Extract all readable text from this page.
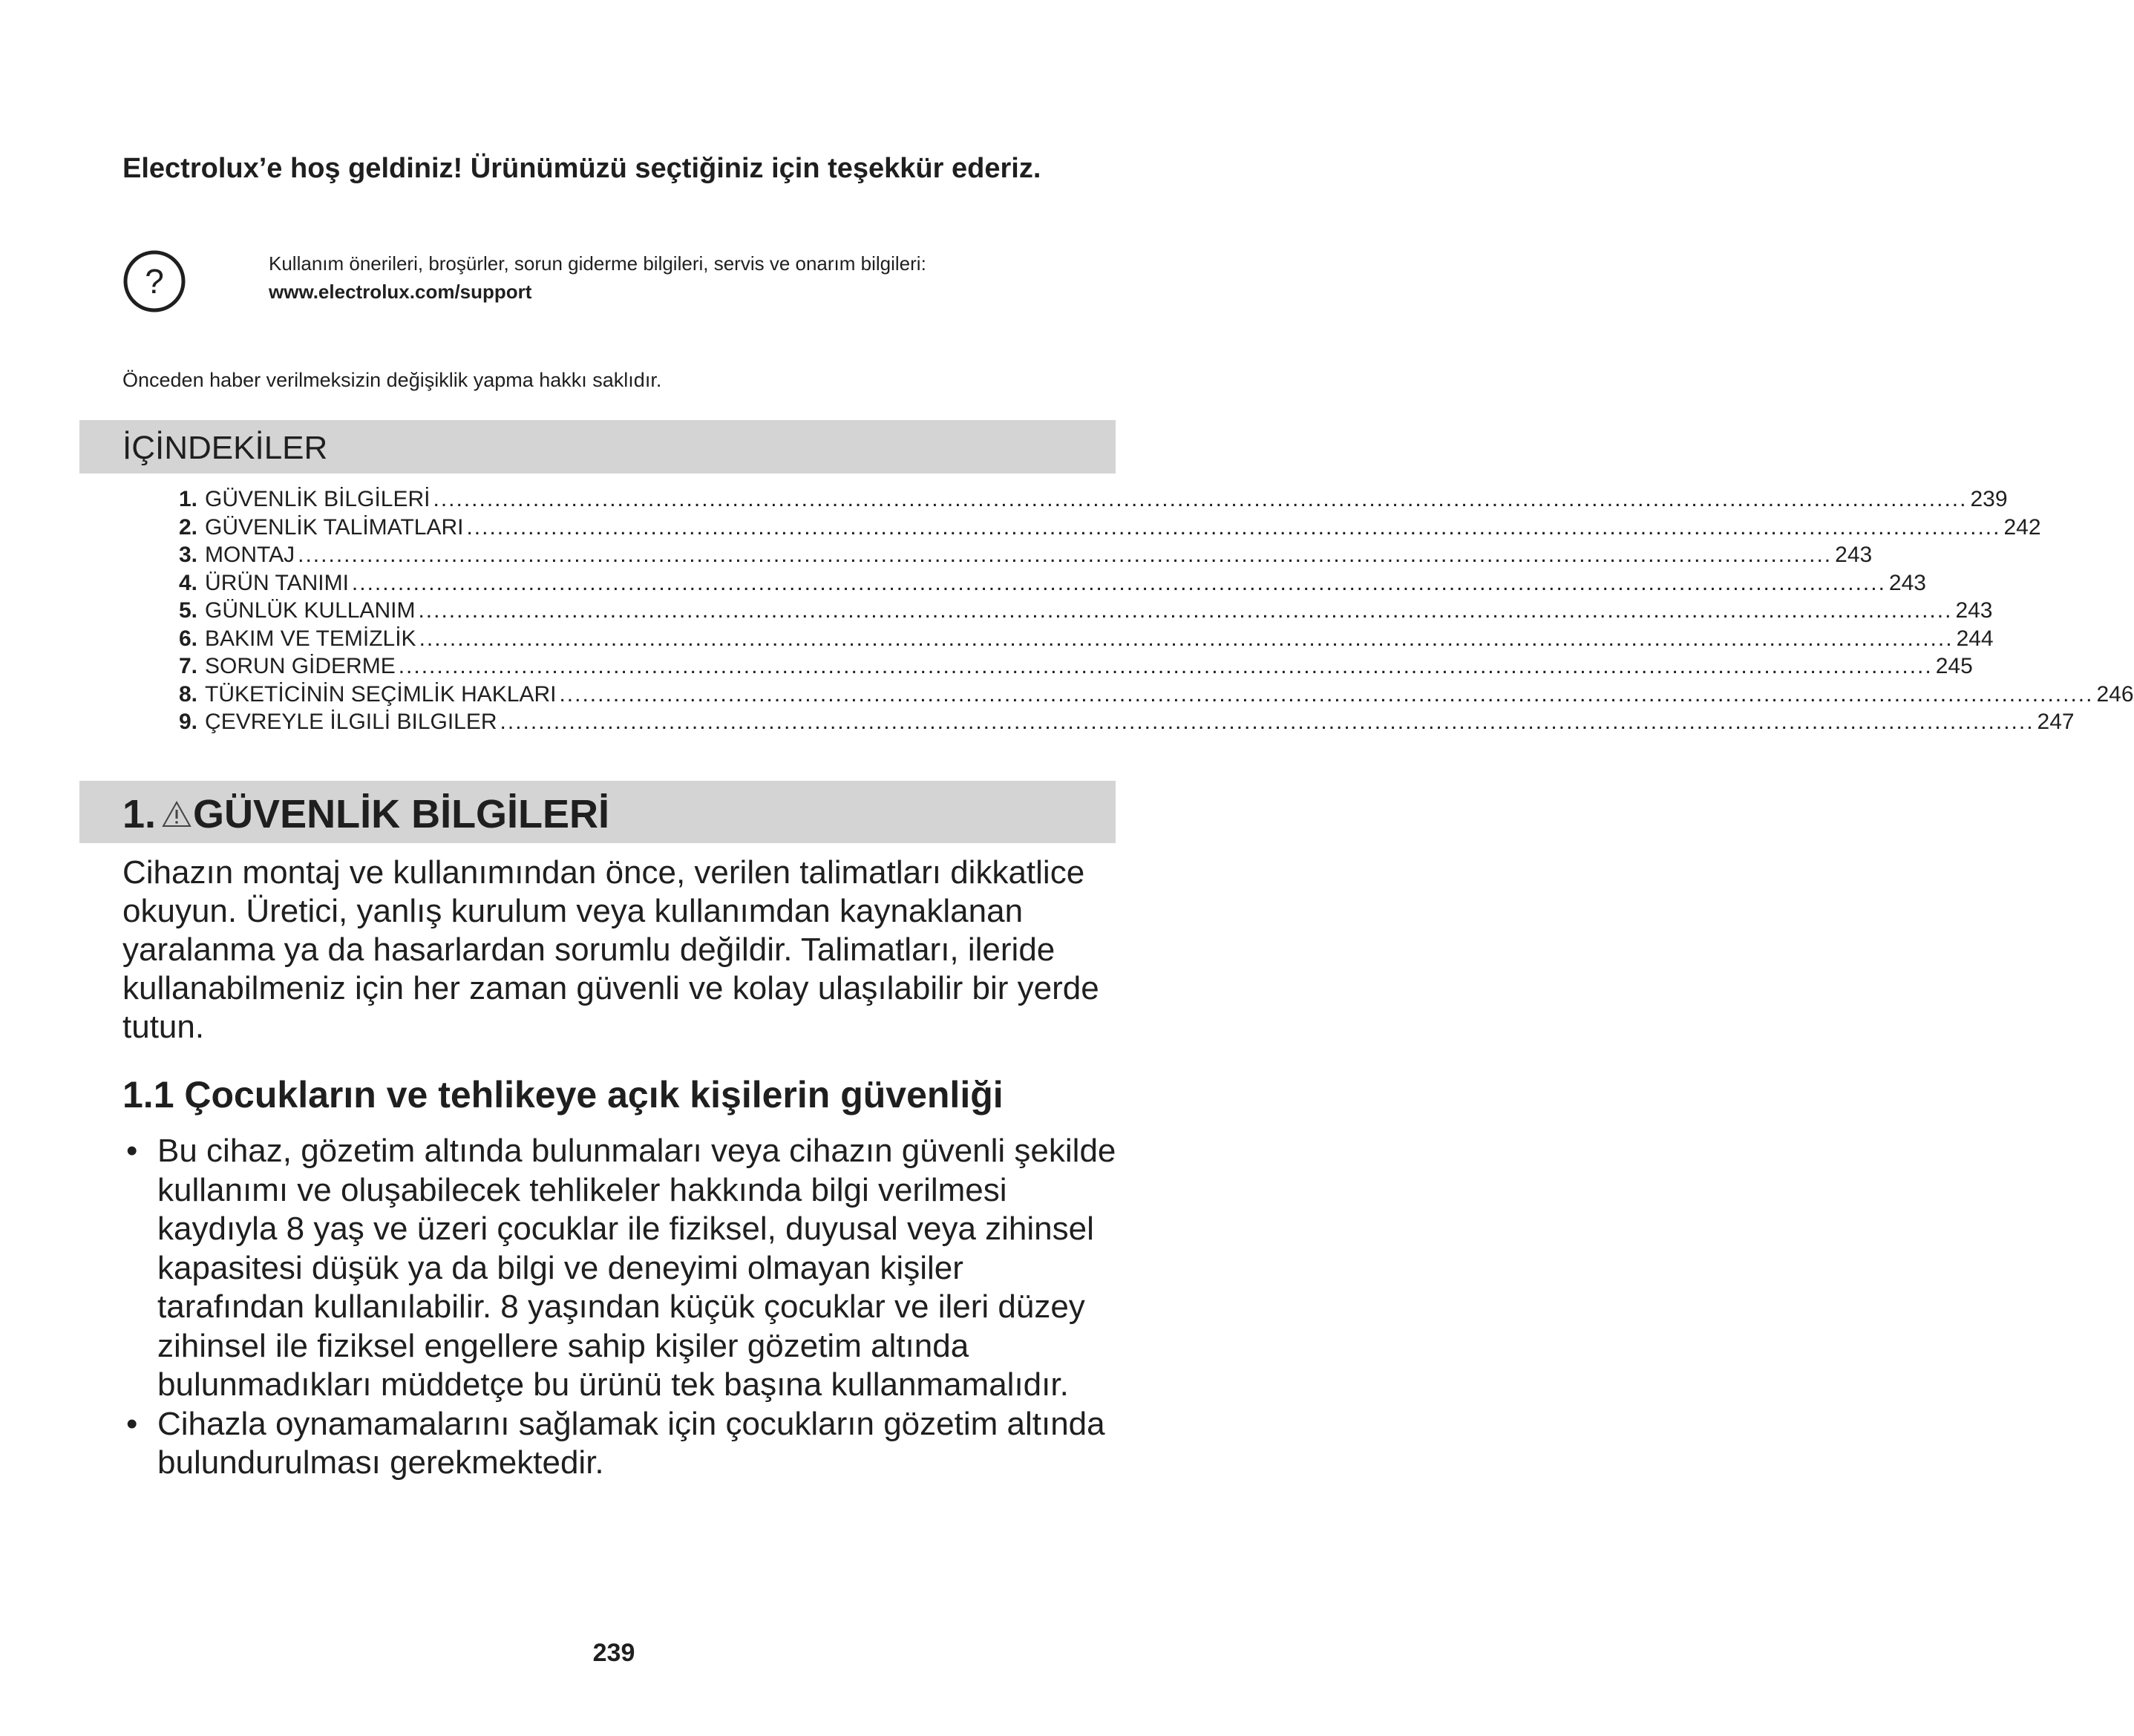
Electrolux’e hoş geldiniz! Ürünümüzü seçtiğiniz için teşekkür ederiz.
?	Kullanım önerileri, broşürler, sorun giderme bilgileri, servis ve onarım bilgileri:
www.electrolux.com/support
Önceden haber verilmeksizin değişiklik yapma hakkı saklıdır.
İÇİNDEKİLER
1. GÜVENLİK BİLGİLERİ ........................................................................................................................................................................................................ 239
2. GÜVENLİK TALİMATLARI ........................................................................................................................................................................................................ 242
3. MONTAJ ........................................................................................................................................................................................................ 243
4. ÜRÜN TANIMI ........................................................................................................................................................................................................ 243
5. GÜNLÜK KULLANIM ........................................................................................................................................................................................................ 243
6. BAKIM VE TEMİZLİK ........................................................................................................................................................................................................ 244
7. SORUN GİDERME ........................................................................................................................................................................................................ 245
8. TÜKETİCİNİN SEÇİMLİK HAKLARI ........................................................................................................................................................................................................ 246
9. ÇEVREYLE İLGILİ BILGILER ........................................................................................................................................................................................................ 247
1. GÜVENLİK BİLGİLERİ

Cihazın montaj ve kullanımından önce, verilen talimatları dikkatlice okuyun. Üretici, yanlış kurulum veya kullanımdan kaynaklanan yaralanma ya da hasarlardan sorumlu değildir. Talimatları, ileride kullanabilmeniz için her zaman güvenli ve kolay ulaşılabilir bir yerde tutun.

1.1 Çocukların ve tehlikeye açık kişilerin güvenliği
• Bu cihaz, gözetim altında bulunmaları veya cihazın güvenli şekilde kullanımı ve oluşabilecek tehlikeler hakkında bilgi verilmesi kaydıyla 8 yaş ve üzeri çocuklar ile fiziksel, duyusal veya zihinsel kapasitesi düşük ya da bilgi ve deneyimi olmayan kişiler tarafından kullanılabilir. 8 yaşından küçük çocuklar ve ileri düzey zihinsel ile fiziksel engellere sahip kişiler gözetim altında bulunmadıkları müddetçe bu ürünü tek başına kullanmamalıdır.
• Cihazla oynamamalarını sağlamak için çocukların gözetim altında bulundurulması gerekmektedir.
239
